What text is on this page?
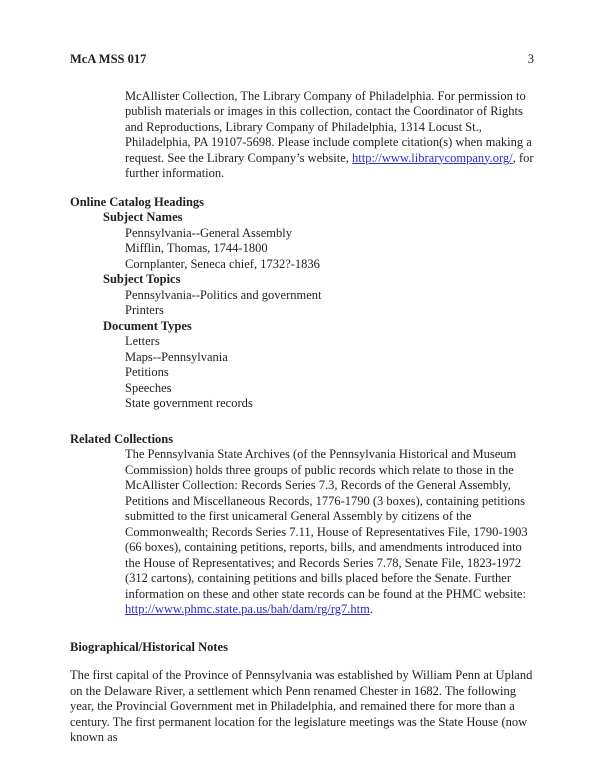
McA MSS 017	3

McAllister Collection, The Library Company of Philadelphia. For permission to publish materials or images in this collection, contact the Coordinator of Rights and Reproductions, Library Company of Philadelphia, 1314 Locust St., Philadelphia, PA 19107-5698. Please include complete citation(s) when making a request. See the Library Company’s website, http://www.librarycompany.org/, for further information.

Online Catalog Headings
Subject Names
Pennsylvania--General Assembly
Mifflin, Thomas, 1744-1800
Cornplanter, Seneca chief, 1732?-1836
Subject Topics
Pennsylvania--Politics and government
Printers
Document Types
Letters
Maps--Pennsylvania
Petitions
Speeches
State government records
Related Collections

The Pennsylvania State Archives (of the Pennsylvania Historical and Museum Commission) holds three groups of public records which relate to those in the McAllister Collection: Records Series 7.3, Records of the General Assembly, Petitions and Miscellaneous Records, 1776-1790 (3 boxes), containing petitions submitted to the first unicameral General Assembly by citizens of the Commonwealth; Records Series 7.11, House of Representatives File, 1790-1903 (66 boxes), containing petitions, reports, bills, and amendments introduced into the House of Representatives; and Records Series 7.78, Senate File, 1823-1972 (312 cartons), containing petitions and bills placed before the Senate. Further information on these and other state records can be found at the PHMC website: http://www.phmc.state.pa.us/bah/dam/rg/rg7.htm.

Biographical/Historical Notes

The first capital of the Province of Pennsylvania was established by William Penn at Upland on the Delaware River, a settlement which Penn renamed Chester in 1682. The following year, the Provincial Government met in Philadelphia, and remained there for more than a century. The first permanent location for the legislature meetings was the State House (now known as
